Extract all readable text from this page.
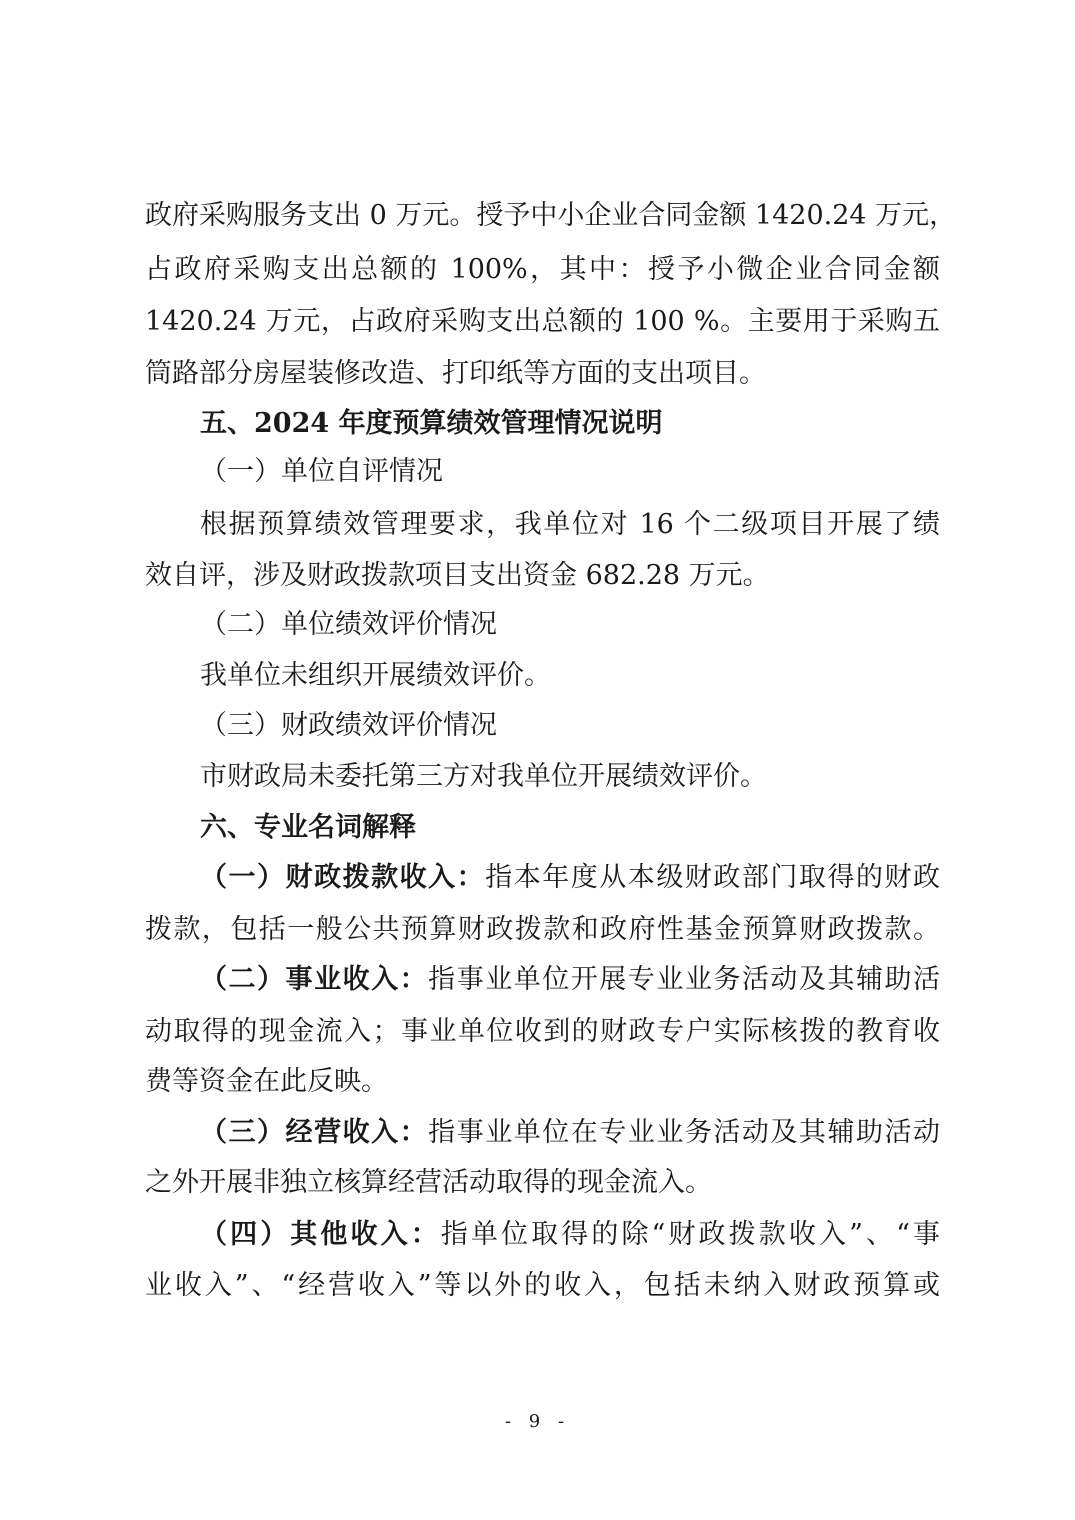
政府采购服务支出 0 万元。授予中小企业合同金额 1420.24 万元，
占政府采购支出总额的 100%，其中：授予小微企业合同金额
1420.24 万元，占政府采购支出总额的 100 %。主要用于采购五
筒路部分房屋装修改造、打印纸等方面的支出项目。
五、2024 年度预算绩效管理情况说明
（一）单位自评情况
根据预算绩效管理要求，我单位对 16 个二级项目开展了绩
效自评，涉及财政拨款项目支出资金 682.28 万元。
（二）单位绩效评价情况
我单位未组织开展绩效评价。
（三）财政绩效评价情况
市财政局未委托第三方对我单位开展绩效评价。
六、专业名词解释
（一）财政拨款收入：指本年度从本级财政部门取得的财政
拨款，包括一般公共预算财政拨款和政府性基金预算财政拨款。
（二）事业收入：指事业单位开展专业业务活动及其辅助活
动取得的现金流入；事业单位收到的财政专户实际核拨的教育收
费等资金在此反映。
（三）经营收入：指事业单位在专业业务活动及其辅助活动
之外开展非独立核算经营活动取得的现金流入。
（四）其他收入：指单位取得的除“财政拨款收入”、“事
业收入”、“经营收入”等以外的收入，包括未纳入财政预算或
- 9 -
